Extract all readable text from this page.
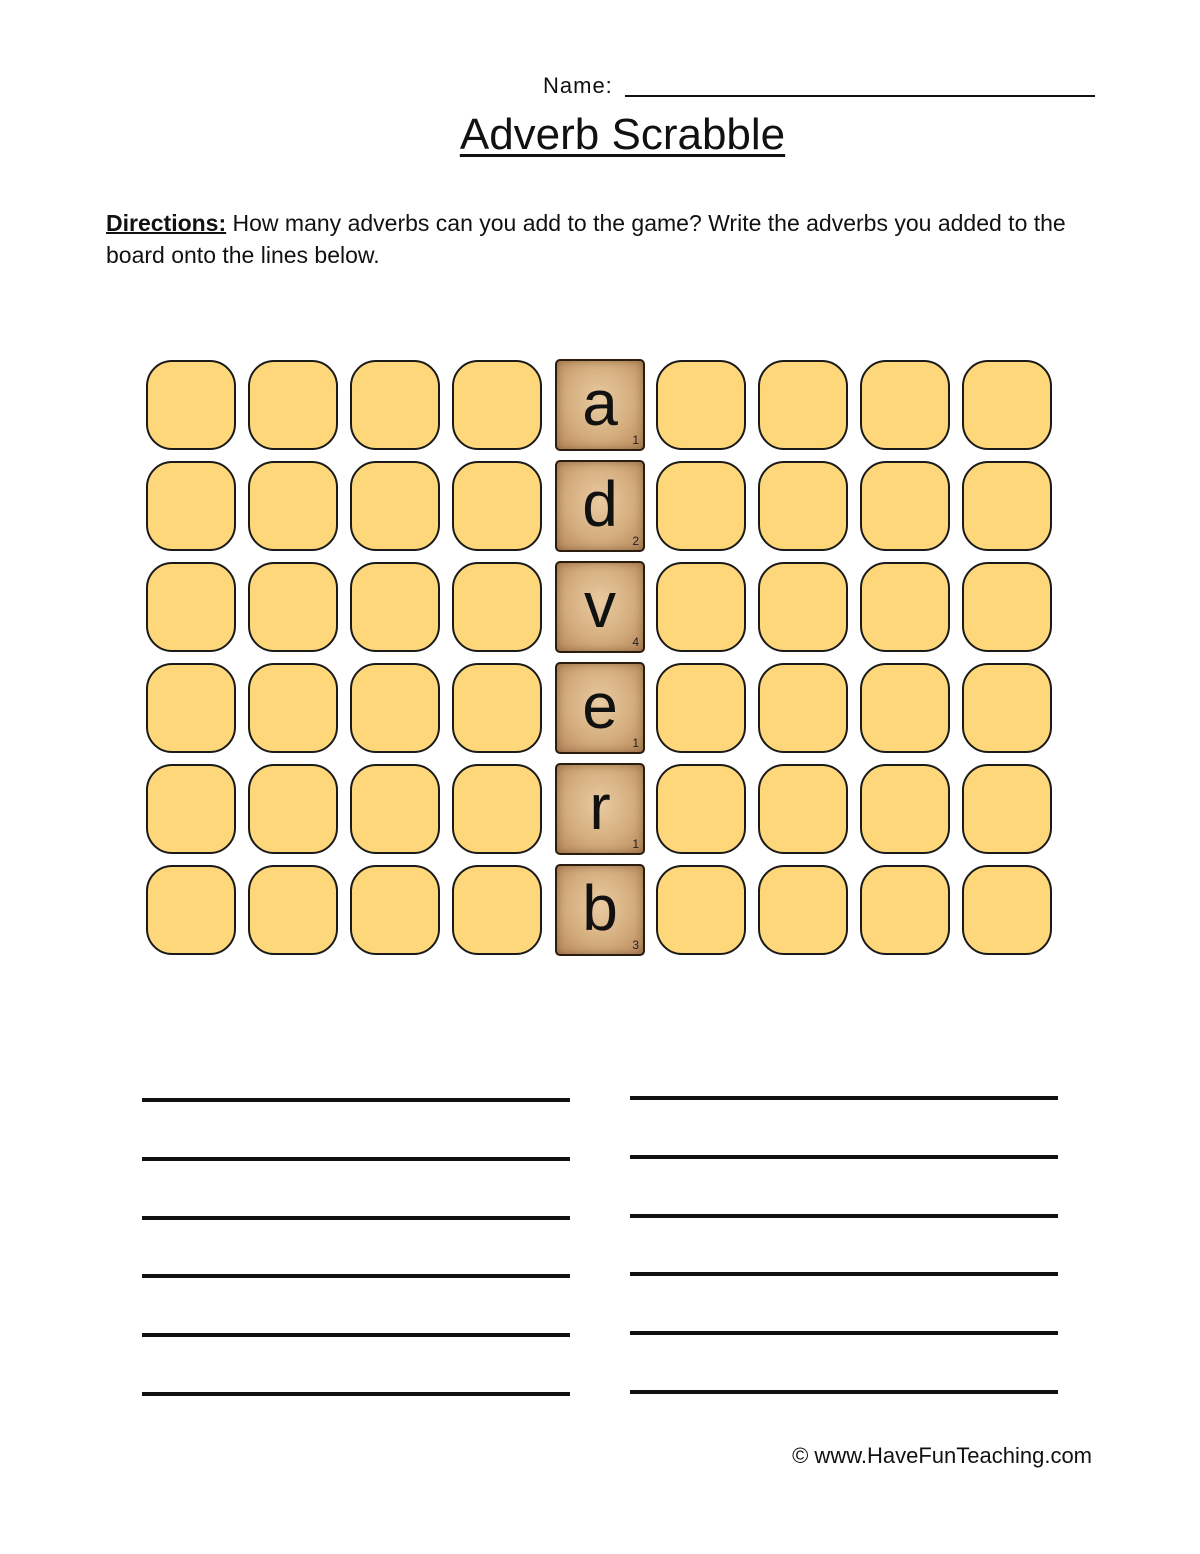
Name:
Adverb Scrabble
Directions: How many adverbs can you add to the game? Write the adverbs you added to the board onto the lines below.
a
1
d
2
v
4
e
1
r
1
b
3
© www.HaveFunTeaching.com
